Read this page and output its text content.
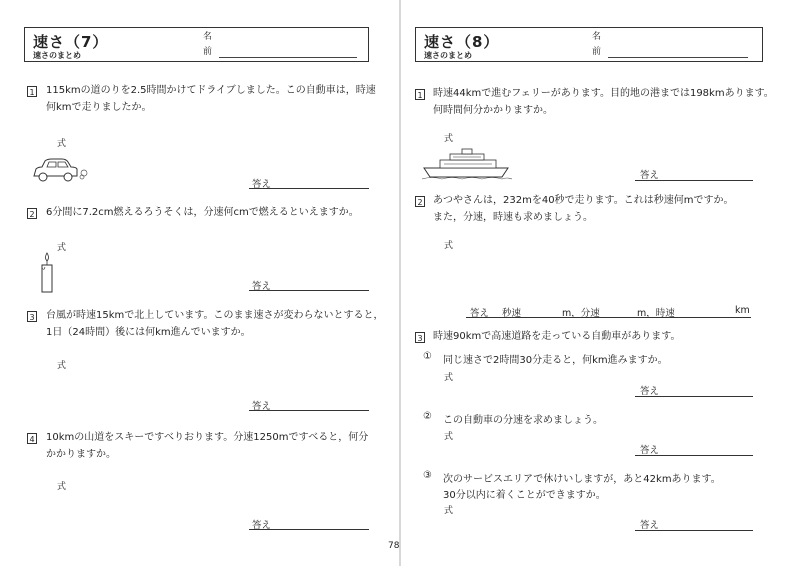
速さ（7）
速さのまとめ
名
前
1 115kmの道のりを2.5時間かけてドライブしました。この自動車は，時速
何kmで走りましたか。
式
答え
2 6分間に7.2cm燃えるろうそくは，分速何cmで燃えるといえますか。
式
答え
3 台風が時速15kmで北上しています。このまま速さが変わらないとすると，
1日（24時間）後には何km進んでいますか。
式
答え
4 10kmの山道をスキーですべりおります。分速1250mですべると，何分
かかりますか。
式
答え
78
速さ（8）
速さのまとめ
名
前
1 時速44kmで進むフェリーがあります。目的地の港までは198kmあります。
何時間何分かかりますか。
式
答え
2 あつやさんは，232mを40秒で走ります。これは秒速何mですか。
また，分速，時速も求めましょう。
式
答え 秒速	m，分速	m，時速	km
3 時速90kmで高速道路を走っている自動車があります。
① 同じ速さで2時間30分走ると，何km進みますか。
式
答え
② この自動車の分速を求めましょう。
式
答え
③ 次のサービスエリアで休けいしますが，あと42kmあります。
30分以内に着くことができますか。
式
答え
